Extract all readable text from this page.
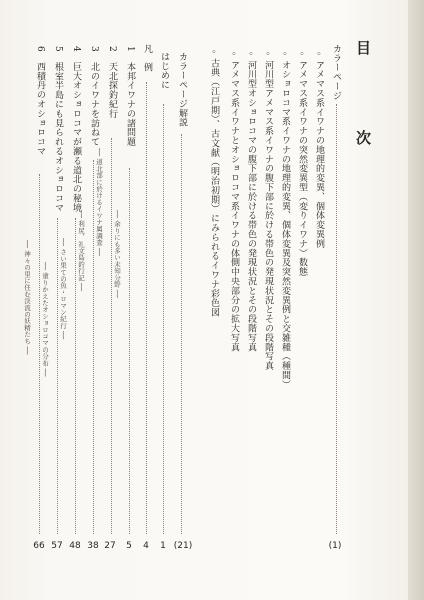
目　次
カラーページ
(1)
◦アメマス系イワナの地理的変異、個体変異例
◦アメマス系イワナの突然変異型（変りイワナ）数態
◦オショロコマ系イワナの地理的変異、個体変異及突然変異例と交雑種（種間）
◦河川型アメマス系イワナの腹下部に於ける帯色の発現状況とその段階写真
◦河川型オショロコマの腹下部に於ける帯色の発現状況とその段階写真
◦アメマス系イワナとオショロコマ系イワナの体側中央部分の拡大写真
◦古典（江戸期）、古文献（明治初期）にみられるイワナ彩色図
カラーページ解説
(21)
はじめに
1
凡　例
4
1
本邦イワナの諸問題
── 余りにも多い未知分野 ──
5
2
天北探釣紀行
── 道北部に於けるイワナ属調査 ──
27
3
北のイワナを訪ねて
── 利尻、礼文島釣行記 ──
38
4
巨大オショロコマが瀬る道北の秘境
── さい果ての魚・ロマン紀行 ──
48
5
根室半島にも見られるオショロコマ
── 塗りかえたオショロコマの分布 ──
57
6
西積丹のオショロコマ
── 神々の里に住む渓流の妖精たち ──
66
